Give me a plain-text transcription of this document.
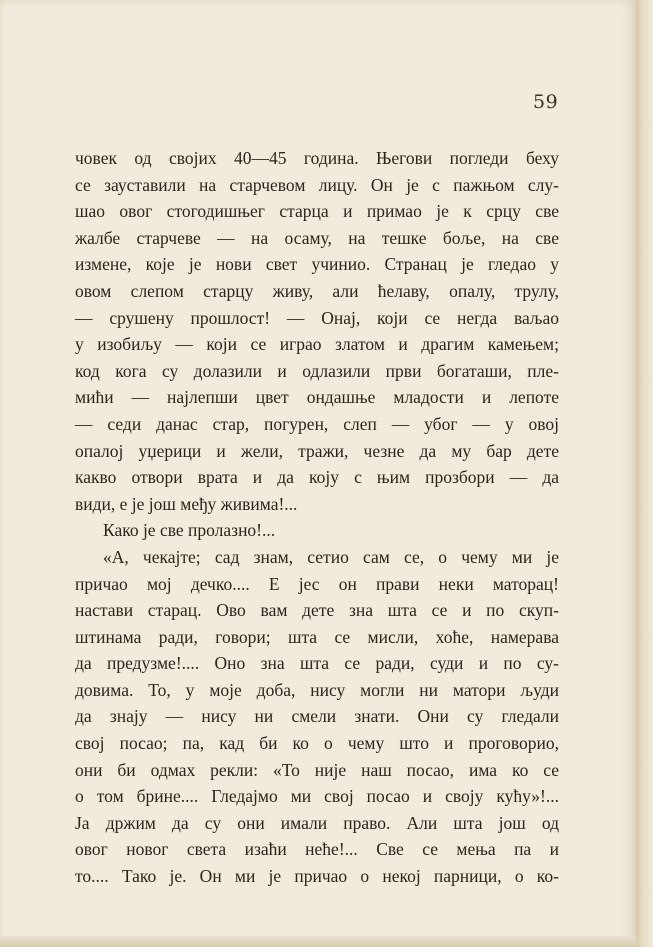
59
човек од својих 40—45 година. Његови погледи беху
се зауставили на старчевом лицу. Он је с пажњом слу-
шао овог стогодишњег старца и примао је к срцу све
жалбе старчеве — на осаму, на тешке боље, на све
измене, које је нови свет учинио. Странац је гледао у
овом слепом старцу живу, али ћелаву, опалу, трулу,
— срушену прошлост! — Онај, који се негда ваљао
у изобиљу — који се играо златом и драгим камењем;
код кога су долазили и одлазили први богаташи, пле-
мићи — најлепши цвет ондашње младости и лепоте
— седи данас стар, погурен, слеп — убог — у овој
опалој уџерици и жели, тражи, чезне да му бар дете
какво отвори врата и да коју с њим прозбори — да
види, е је још међу живима!...
Како је све пролазно!...
«А, чекајте; сад знам, сетио сам се, о чему ми је
причао мој дечко.... Е јес он прави неки маторац!
настави старац. Ово вам дете зна шта се и по скуп-
штинама ради, говори; шта се мисли, хоће, намерава
да предузме!.... Оно зна шта се ради, суди и по су-
довима. То, у моје доба, нису могли ни матори људи
да знају — нису ни смели знати. Они су гледали
свој посао; па, кад би ко о чему што и проговорио,
они би одмах рекли: «То није наш посао, има ко се
о том брине.... Гледајмо ми свој посао и своју кућу»!...
Ја држим да су они имали право. Али шта још од
овог новог света изаћи неће!... Све се мења па и
то.... Тако је. Он ми је причао о некој парници, о ко-
